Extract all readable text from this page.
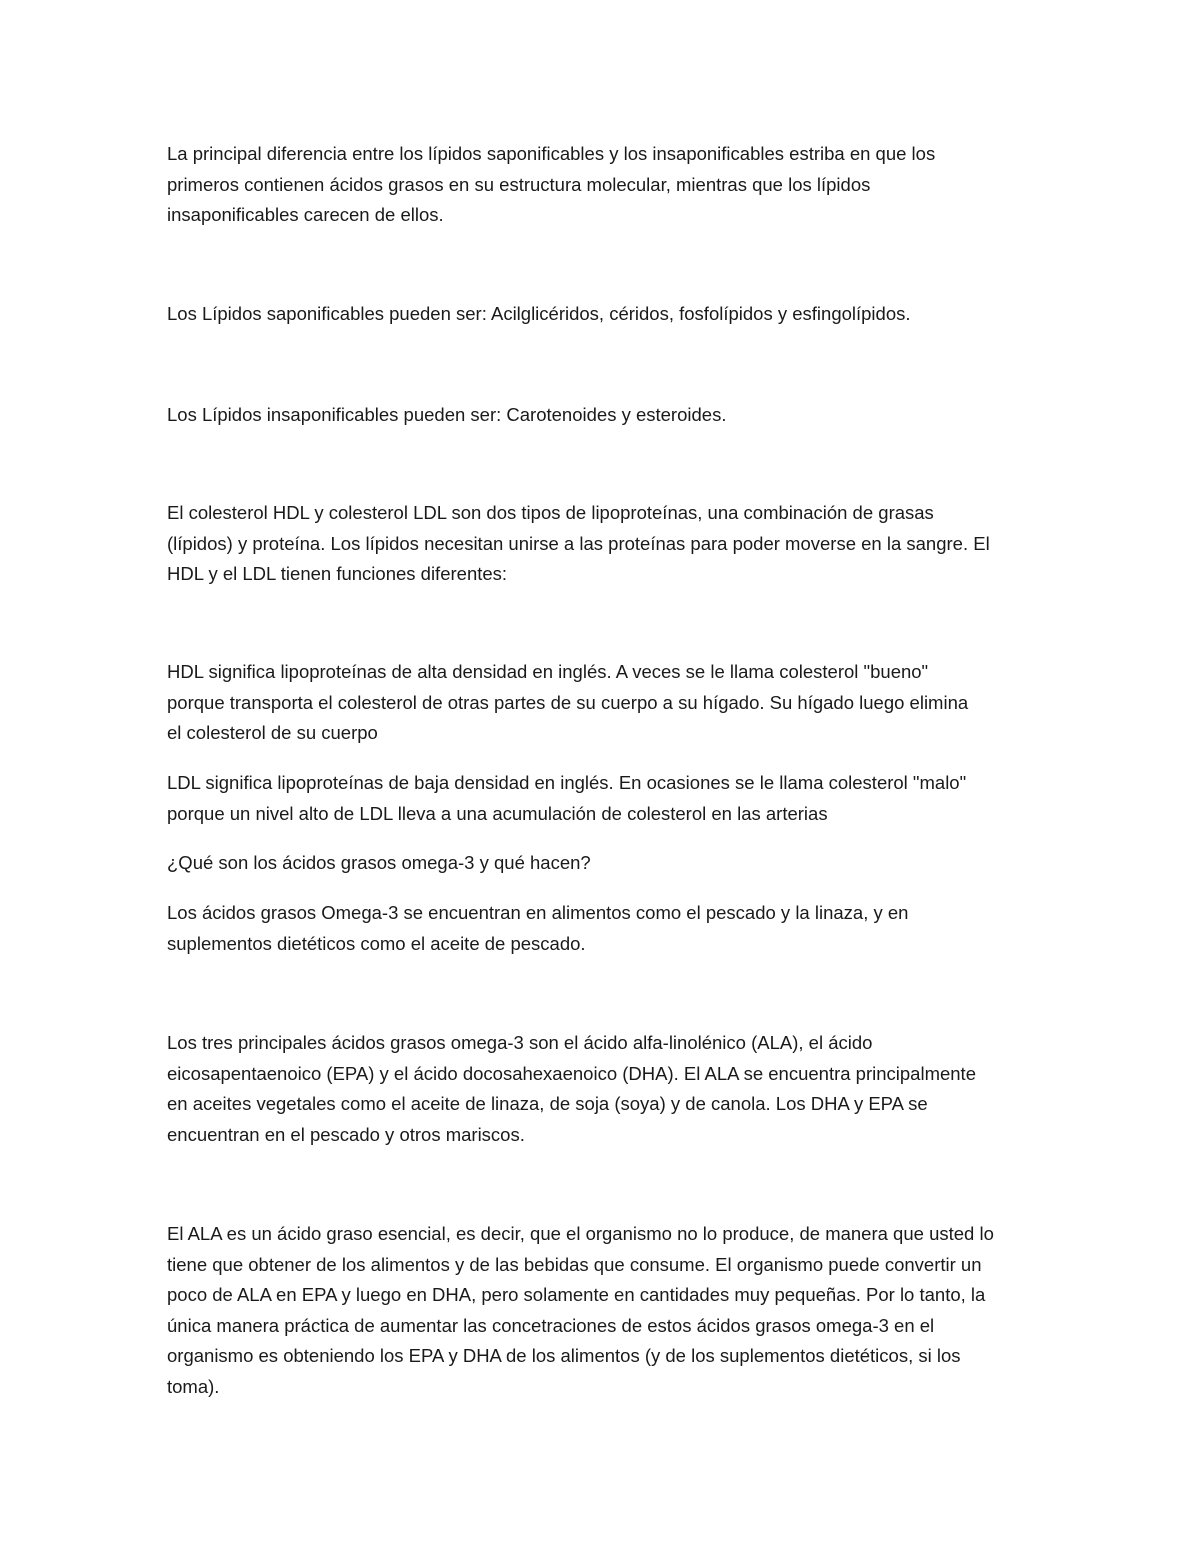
La principal diferencia entre los lípidos saponificables y los insaponificables estriba en que los
primeros contienen ácidos grasos en su estructura molecular, mientras que los lípidos
insaponificables carecen de ellos.

Los Lípidos saponificables pueden ser: Acilglicéridos, céridos, fosfolípidos y esfingolípidos.

Los Lípidos insaponificables pueden ser: Carotenoides y esteroides.

El colesterol HDL y colesterol LDL son dos tipos de lipoproteínas, una combinación de grasas
(lípidos) y proteína. Los lípidos necesitan unirse a las proteínas para poder moverse en la sangre. El
HDL y el LDL tienen funciones diferentes:

HDL significa lipoproteínas de alta densidad en inglés. A veces se le llama colesterol "bueno"
porque transporta el colesterol de otras partes de su cuerpo a su hígado. Su hígado luego elimina
el colesterol de su cuerpo

LDL significa lipoproteínas de baja densidad en inglés. En ocasiones se le llama colesterol "malo"
porque un nivel alto de LDL lleva a una acumulación de colesterol en las arterias

¿Qué son los ácidos grasos omega-3 y qué hacen?

Los ácidos grasos Omega-3 se encuentran en alimentos como el pescado y la linaza, y en
suplementos dietéticos como el aceite de pescado.

Los tres principales ácidos grasos omega-3 son el ácido alfa-linolénico (ALA), el ácido
eicosapentaenoico (EPA) y el ácido docosahexaenoico (DHA). El ALA se encuentra principalmente
en aceites vegetales como el aceite de linaza, de soja (soya) y de canola. Los DHA y EPA se
encuentran en el pescado y otros mariscos.

El ALA es un ácido graso esencial, es decir, que el organismo no lo produce, de manera que usted lo
tiene que obtener de los alimentos y de las bebidas que consume. El organismo puede convertir un
poco de ALA en EPA y luego en DHA, pero solamente en cantidades muy pequeñas. Por lo tanto, la
única manera práctica de aumentar las concetraciones de estos ácidos grasos omega-3 en el
organismo es obteniendo los EPA y DHA de los alimentos (y de los suplementos dietéticos, si los
toma).
